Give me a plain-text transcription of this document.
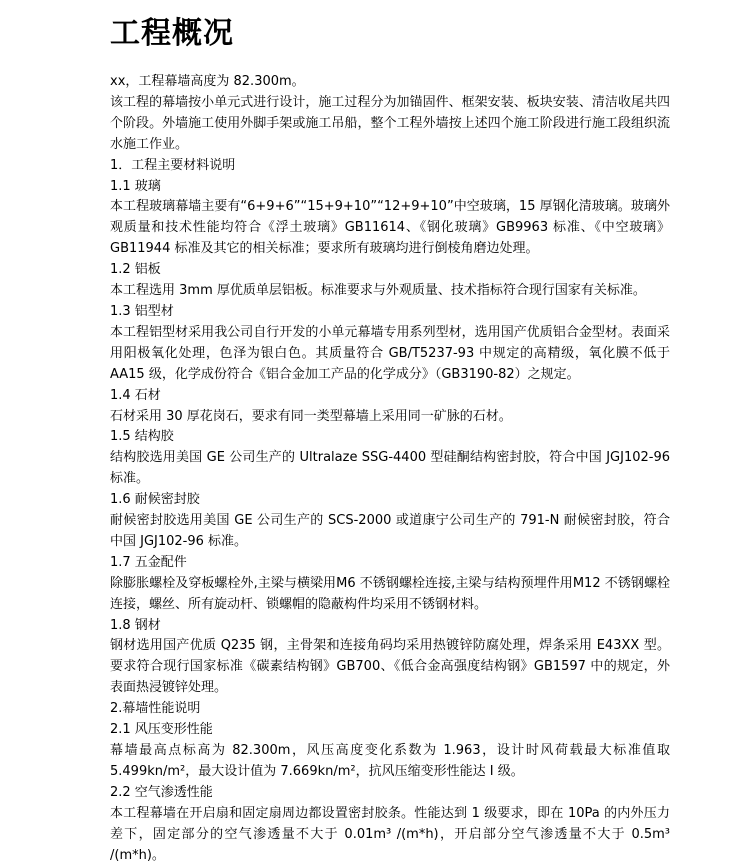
工程概况

xx，工程幕墙高度为 82.300m。

该工程的幕墙按小单元式进行设计，施工过程分为加锚固件、框架安装、板块安装、清洁收尾共四个阶段。外墙施工使用外脚手架或施工吊船，整个工程外墙按上述四个施工阶段进行施工段组织流水施工作业。

1．工程主要材料说明

1.1 玻璃

本工程玻璃幕墙主要有“6+9+6”“15+9+10”“12+9+10”中空玻璃，15 厚钢化清玻璃。玻璃外观质量和技术性能均符合《浮土玻璃》GB11614、《钢化玻璃》GB9963 标准、《中空玻璃》GB11944 标准及其它的相关标准；要求所有玻璃均进行倒棱角磨边处理。

1.2 铝板

本工程选用 3mm 厚优质单层铝板。标准要求与外观质量、技术指标符合现行国家有关标准。

1.3 铝型材

本工程铝型材采用我公司自行开发的小单元幕墙专用系列型材，选用国产优质铝合金型材。表面采用阳极氧化处理，色泽为银白色。其质量符合 GB/T5237-93 中规定的高精级，氧化膜不低于 AA15 级，化学成份符合《铝合金加工产品的化学成分》（GB3190-82）之规定。

1.4 石材

石材采用 30 厚花岗石，要求有同一类型幕墙上采用同一矿脉的石材。

1.5 结构胶

结构胶选用美国 GE 公司生产的 Ultralaze SSG-4400 型硅酮结构密封胶，符合中国 JGJ102-96 标准。

1.6 耐候密封胶

耐候密封胶选用美国 GE 公司生产的 SCS-2000 或道康宁公司生产的 791-N 耐候密封胶，符合中国 JGJ102-96 标准。

1.7 五金配件

除膨胀螺栓及穿板螺栓外,主梁与横梁用M6 不锈钢螺栓连接,主梁与结构预埋件用M12 不锈钢螺栓连接，螺丝、所有旋动杆、锁螺帽的隐蔽构件均采用不锈钢材料。

1.8 钢材

钢材选用国产优质 Q235 钢，主骨架和连接角码均采用热镀锌防腐处理，焊条采用 E43XX 型。要求符合现行国家标准《碳素结构钢》GB700、《低合金高强度结构钢》GB1597 中的规定，外表面热浸镀锌处理。

2.幕墙性能说明

2.1 风压变形性能

幕墙最高点标高为 82.300m，风压高度变化系数为 1.963，设计时风荷载最大标准值取 5.499kn/m²，最大设计值为 7.669kn/m²，抗风压缩变形性能达 I 级。

2.2 空气渗透性能

本工程幕墙在开启扇和固定扇周边都设置密封胶条。性能达到 1 级要求，即在 10Pa 的内外压力差下，固定部分的空气渗透量不大于 0.01m³ /(m*h)，开启部分空气渗透量不大于 0.5m³ /(m*h)。
